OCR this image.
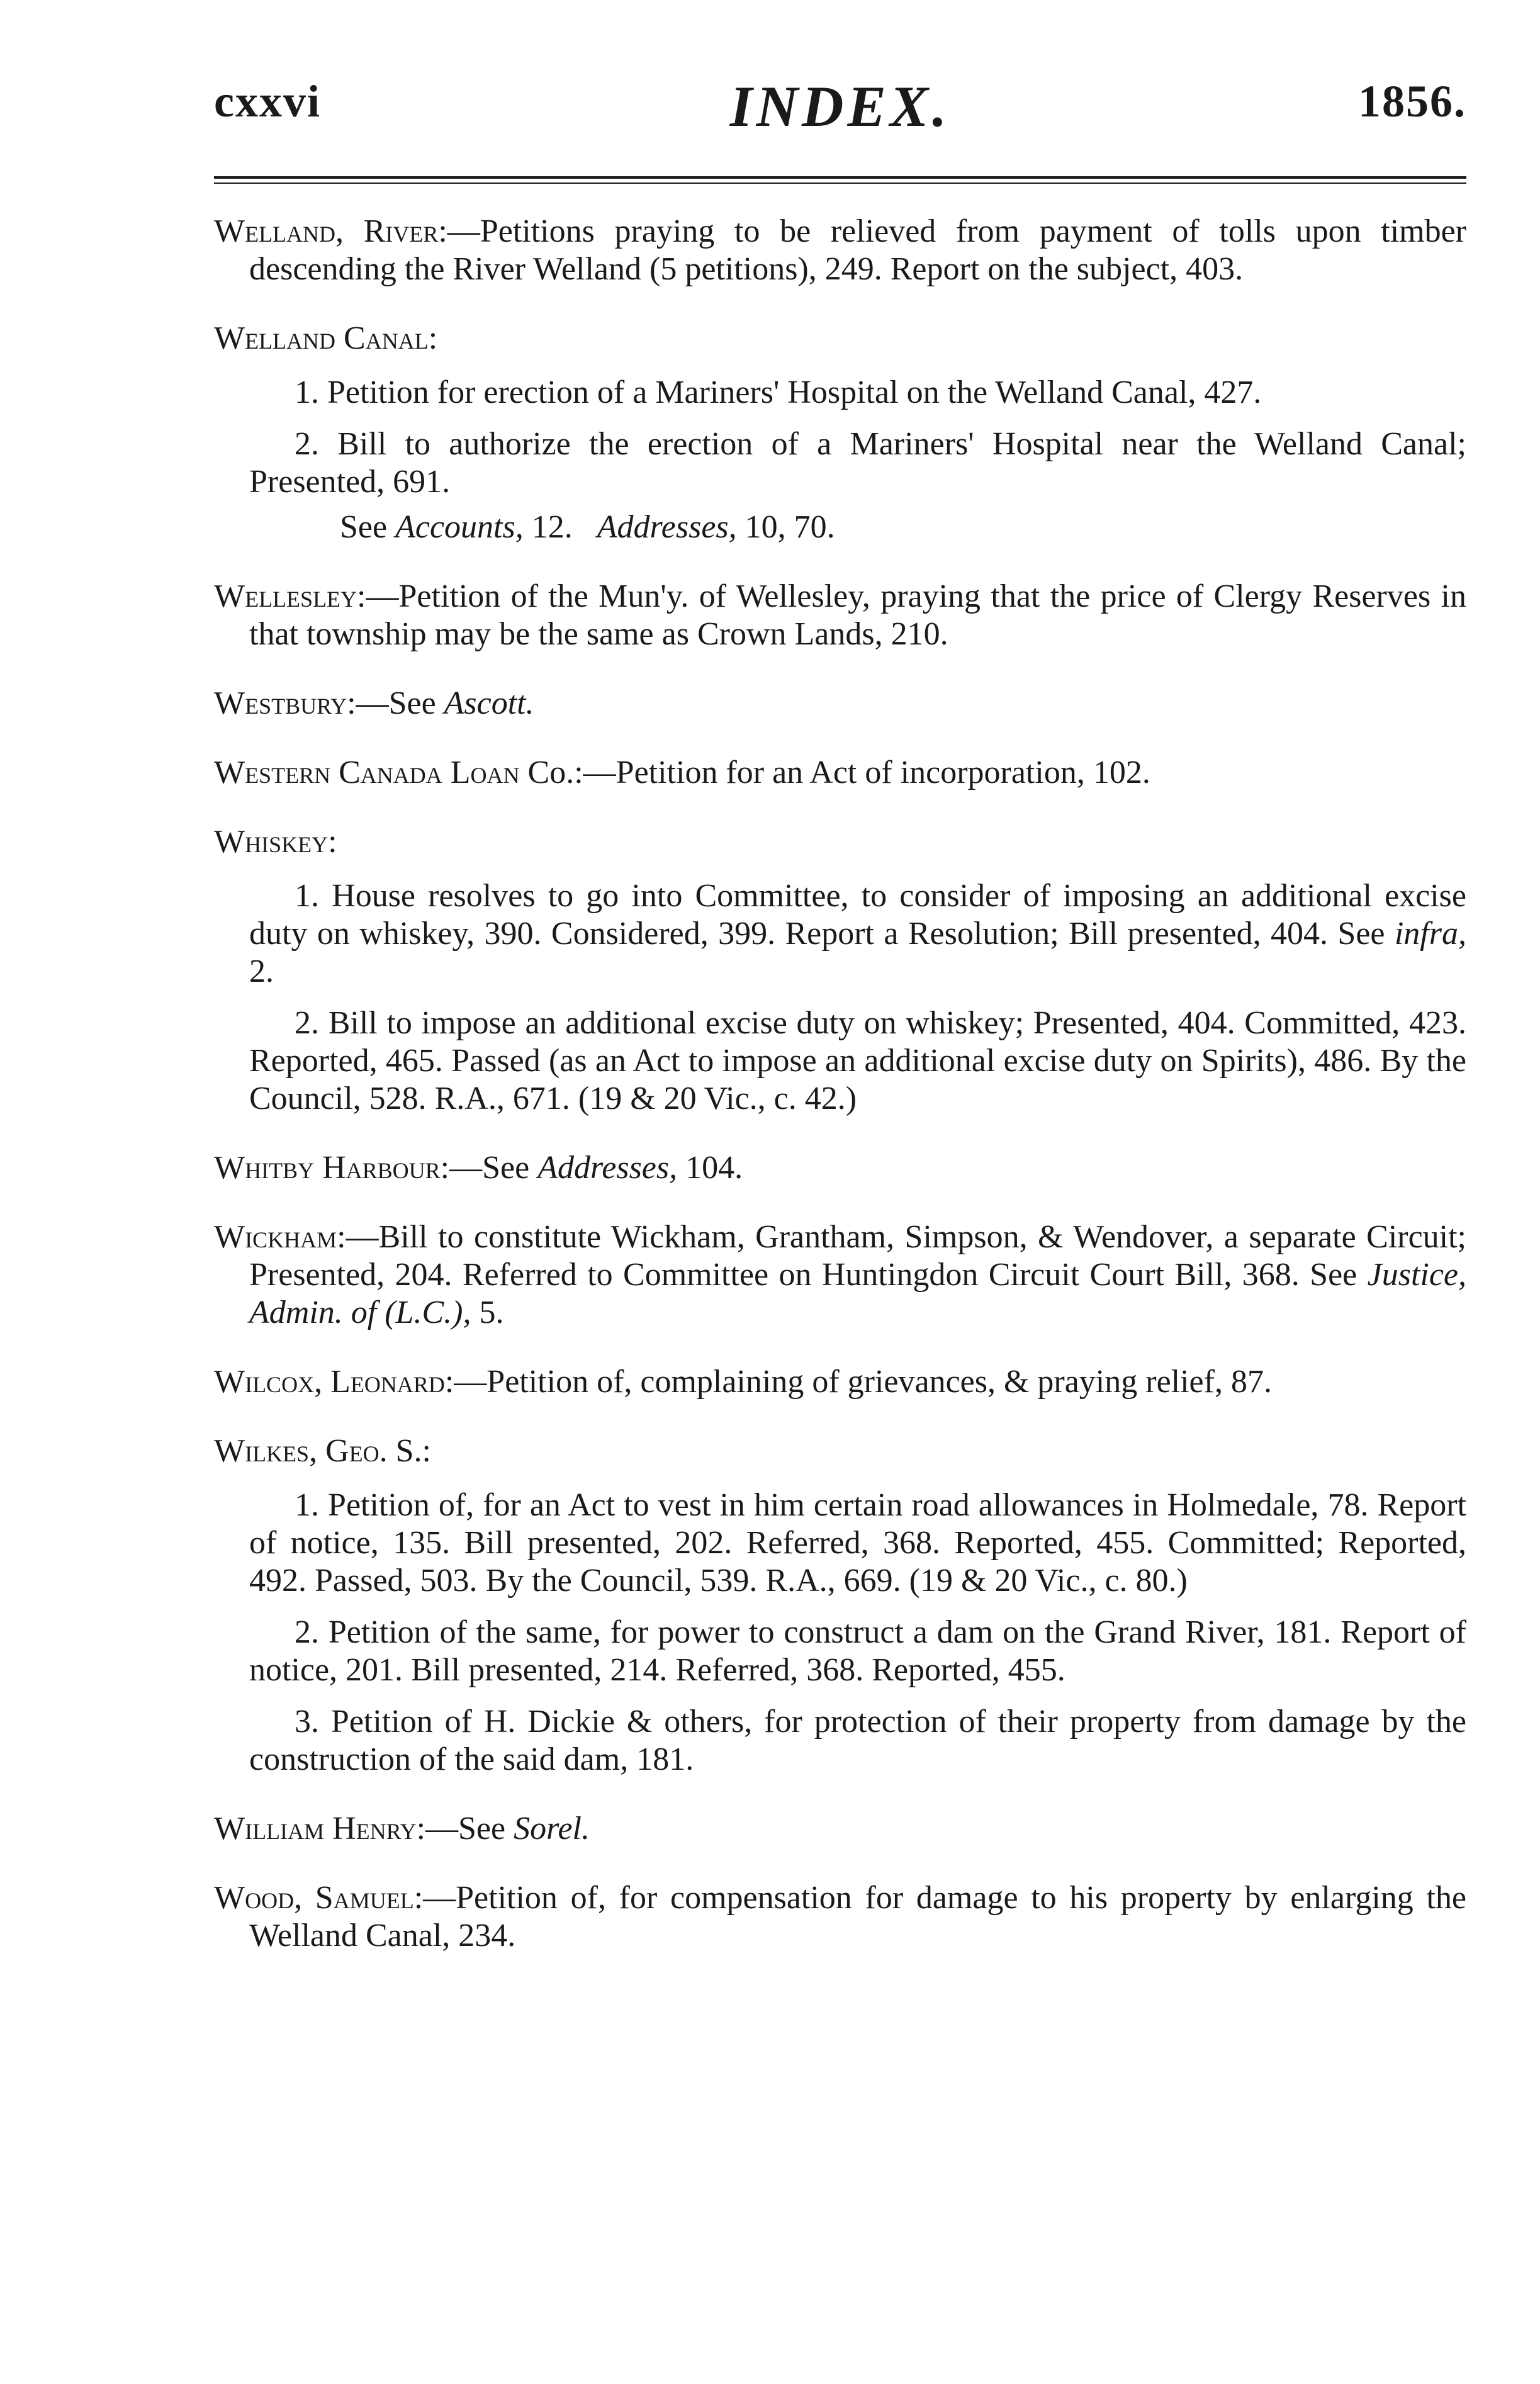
cxxvi	INDEX.	1856.
Welland, River:—Petitions praying to be relieved from payment of tolls upon timber descending the River Welland (5 petitions), 249. Report on the subject, 403.
Welland Canal:
1. Petition for erection of a Mariners' Hospital on the Welland Canal, 427.
2. Bill to authorize the erection of a Mariners' Hospital near the Welland Canal; Presented, 691.
See Accounts, 12. Addresses, 10, 70.
Wellesley:—Petition of the Mun'y. of Wellesley, praying that the price of Clergy Reserves in that township may be the same as Crown Lands, 210.
Westbury:—See Ascott.
Western Canada Loan Co.:—Petition for an Act of incorporation, 102.
Whiskey:
1. House resolves to go into Committee, to consider of imposing an additional excise duty on whiskey, 390. Considered, 399. Report a Resolution; Bill presented, 404. See infra, 2.
2. Bill to impose an additional excise duty on whiskey; Presented, 404. Committed, 423. Reported, 465. Passed (as an Act to impose an additional excise duty on Spirits), 486. By the Council, 528. R.A., 671. (19 & 20 Vic., c. 42.)
Whitby Harbour:—See Addresses, 104.
Wickham:—Bill to constitute Wickham, Grantham, Simpson, & Wendover, a separate Circuit; Presented, 204. Referred to Committee on Huntingdon Circuit Court Bill, 368. See Justice, Admin. of (L.C.), 5.
Wilcox, Leonard:—Petition of, complaining of grievances, & praying relief, 87.
Wilkes, Geo. S.:
1. Petition of, for an Act to vest in him certain road allowances in Holmedale, 78. Report of notice, 135. Bill presented, 202. Referred, 368. Reported, 455. Committed; Reported, 492. Passed, 503. By the Council, 539. R.A., 669. (19 & 20 Vic., c. 80.)
2. Petition of the same, for power to construct a dam on the Grand River, 181. Report of notice, 201. Bill presented, 214. Referred, 368. Reported, 455.
3. Petition of H. Dickie & others, for protection of their property from damage by the construction of the said dam, 181.
William Henry:—See Sorel.
Wood, Samuel:—Petition of, for compensation for damage to his property by enlarging the Welland Canal, 234.
